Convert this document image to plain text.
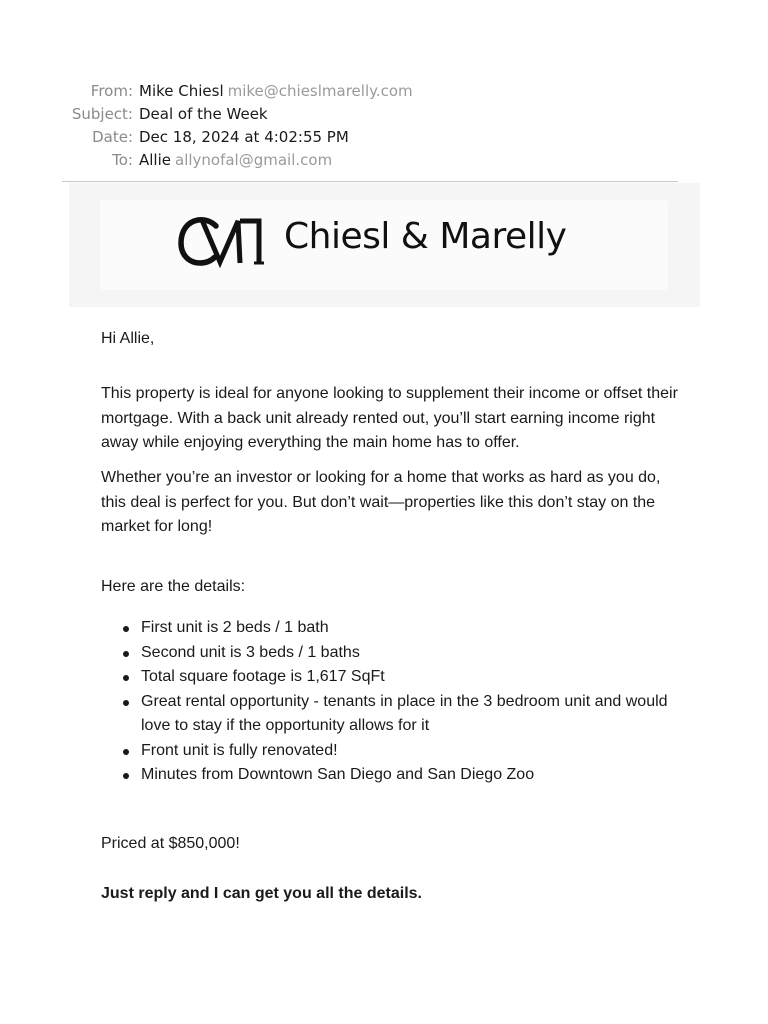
From: Mike Chiesl mike@chieslmarelly.com
Subject: Deal of the Week
Date: Dec 18, 2024 at 4:02:55 PM
To: Allie allynofal@gmail.com
Chiesl & Marelly
Hi Allie,
This property is ideal for anyone looking to supplement their income or offset their mortgage. With a back unit already rented out, you’ll start earning income right away while enjoying everything the main home has to offer.
Whether you’re an investor or looking for a home that works as hard as you do, this deal is perfect for you. But don’t wait—properties like this don’t stay on the market for long!
Here are the details:
First unit is 2 beds / 1 bath
Second unit is 3 beds / 1 baths
Total square footage is 1,617 SqFt
Great rental opportunity - tenants in place in the 3 bedroom unit and would love to stay if the opportunity allows for it
Front unit is fully renovated!
Minutes from Downtown San Diego and San Diego Zoo
Priced at $850,000!
Just reply and I can get you all the details.
